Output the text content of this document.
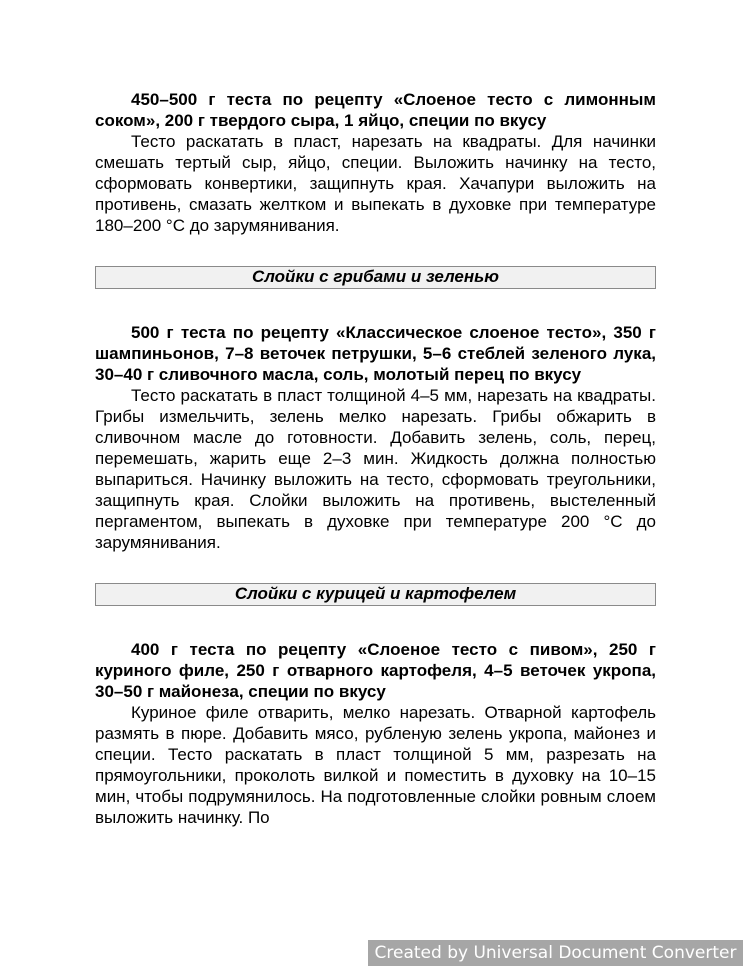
450–500 г теста по рецепту «Слоеное тесто с лимонным соком», 200 г твердого сыра, 1 яйцо, специи по вкусу

Тесто раскатать в пласт, нарезать на квадраты. Для начинки смешать тертый сыр, яйцо, специи. Выложить начинку на тесто, сформовать конвертики, защипнуть края. Хачапури выложить на противень, смазать желтком и выпекать в духовке при температуре 180–200 °С до зарумянивания.

Слойки с грибами и зеленью

500 г теста по рецепту «Классическое слоеное тесто», 350 г шампиньонов, 7–8 веточек петрушки, 5–6 стеблей зеленого лука, 30–40 г сливочного масла, соль, молотый перец по вкусу

Тесто раскатать в пласт толщиной 4–5 мм, нарезать на квадраты. Грибы измельчить, зелень мелко нарезать. Грибы обжарить в сливочном масле до готовности. Добавить зелень, соль, перец, перемешать, жарить еще 2–3 мин. Жидкость должна полностью выпариться. Начинку выложить на тесто, сформовать треугольники, защипнуть края. Слойки выложить на противень, выстеленный пергаментом, выпекать в духовке при температуре 200 °С до зарумянивания.

Слойки с курицей и картофелем

400 г теста по рецепту «Слоеное тесто с пивом», 250 г куриного филе, 250 г отварного картофеля, 4–5 веточек укропа, 30–50 г майонеза, специи по вкусу

Куриное филе отварить, мелко нарезать. Отварной картофель размять в пюре. Добавить мясо, рубленую зелень укропа, майонез и специи. Тесто раскатать в пласт толщиной 5 мм, разрезать на прямоугольники, проколоть вилкой и поместить в духовку на 10–15 мин, чтобы подрумянилось. На подготовленные слойки ровным слоем выложить начинку. По

Created by Universal Document Converter
